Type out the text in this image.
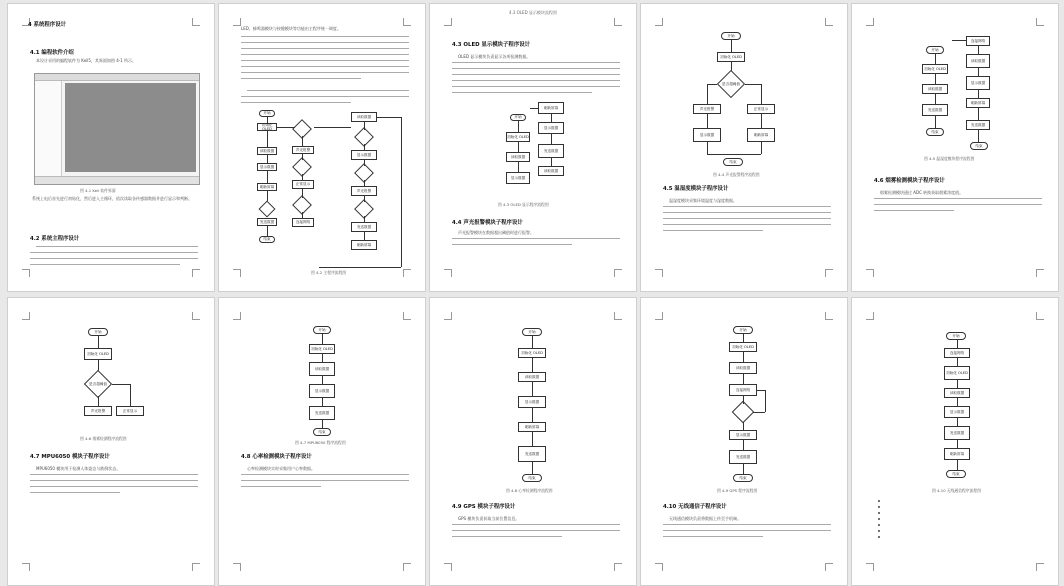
4 系统程序设计
4.1 编程软件介绍
本设计采用的编程软件为 Keil5，其界面如图 4-1 所示。
图 4-1 Keil 软件界面
系统上电后首先进行初始化，然后进入主循环，依次读取各传感器数据并进行显示和判断。
4.2 系统主程序设计
LED、蜂鸣器模块与按键模块等功能由主程序统一调度。
开始
初始化 OLED
读取数据
显示数据
刷新屏幕
发送数据
结束
声光报警
正常显示
连接网络
读取数据
显示数据
声光报警
发送数据
刷新屏幕
图 4-2 主程序流程图
4.3 OLED 显示模块流程图
4.3 OLED 显示模块子程序设计
OLED 显示模块负责显示各项检测数据。
开始
初始化 OLED
读取数据
显示数据
刷新屏幕
显示数据
发送数据
读取数据
图 4-3 OLED 显示程序流程图
4.4 声光报警模块子程序设计
声光报警模块在数据超出阈值时进行报警。
开始
初始化 OLED
是否超阈值
声光报警	正常显示
显示数据	刷新屏幕
结束
图 4-4 声光报警程序流程图
4.5 温湿度模块子程序设计
温湿度模块采集环境温度与湿度数据。
开始
初始化 OLED
读取数据
发送数据
结束
连接网络
读取数据
显示数据
刷新屏幕
发送数据
结束
图 4-5 温湿度模块程序流程图
4.6 烟雾检测模块子程序设计
烟雾检测模块通过 ADC 转换获取烟雾浓度值。
开始
初始化 OLED
是否超阈值
声光报警	正常显示
图 4-6 烟雾检测程序流程图
4.7 MPU6050 模块子程序设计
MPU6050 模块用于检测人体姿态与跌倒状态。
开始
初始化 OLED
读取数据
显示数据
发送数据
结束
图 4-7 MPU6050 程序流程图
4.8 心率检测模块子程序设计
心率检测模块实时采集用户心率数据。
开始
初始化 OLED
读取数据
显示数据
刷新屏幕
发送数据
结束
图 4-8 心率检测程序流程图
4.9 GPS 模块子程序设计
GPS 模块负责获取当前位置信息。
开始
初始化 OLED
读取数据
连接网络
显示数据
发送数据
结束
图 4-9 GPS 程序流程图
4.10 无线通信子程序设计
无线通信模块负责将数据上传至手机端。
开始
连接网络
初始化 OLED
读取数据
显示数据
发送数据
刷新屏幕
结束
图 4-10 无线通信程序流程图
